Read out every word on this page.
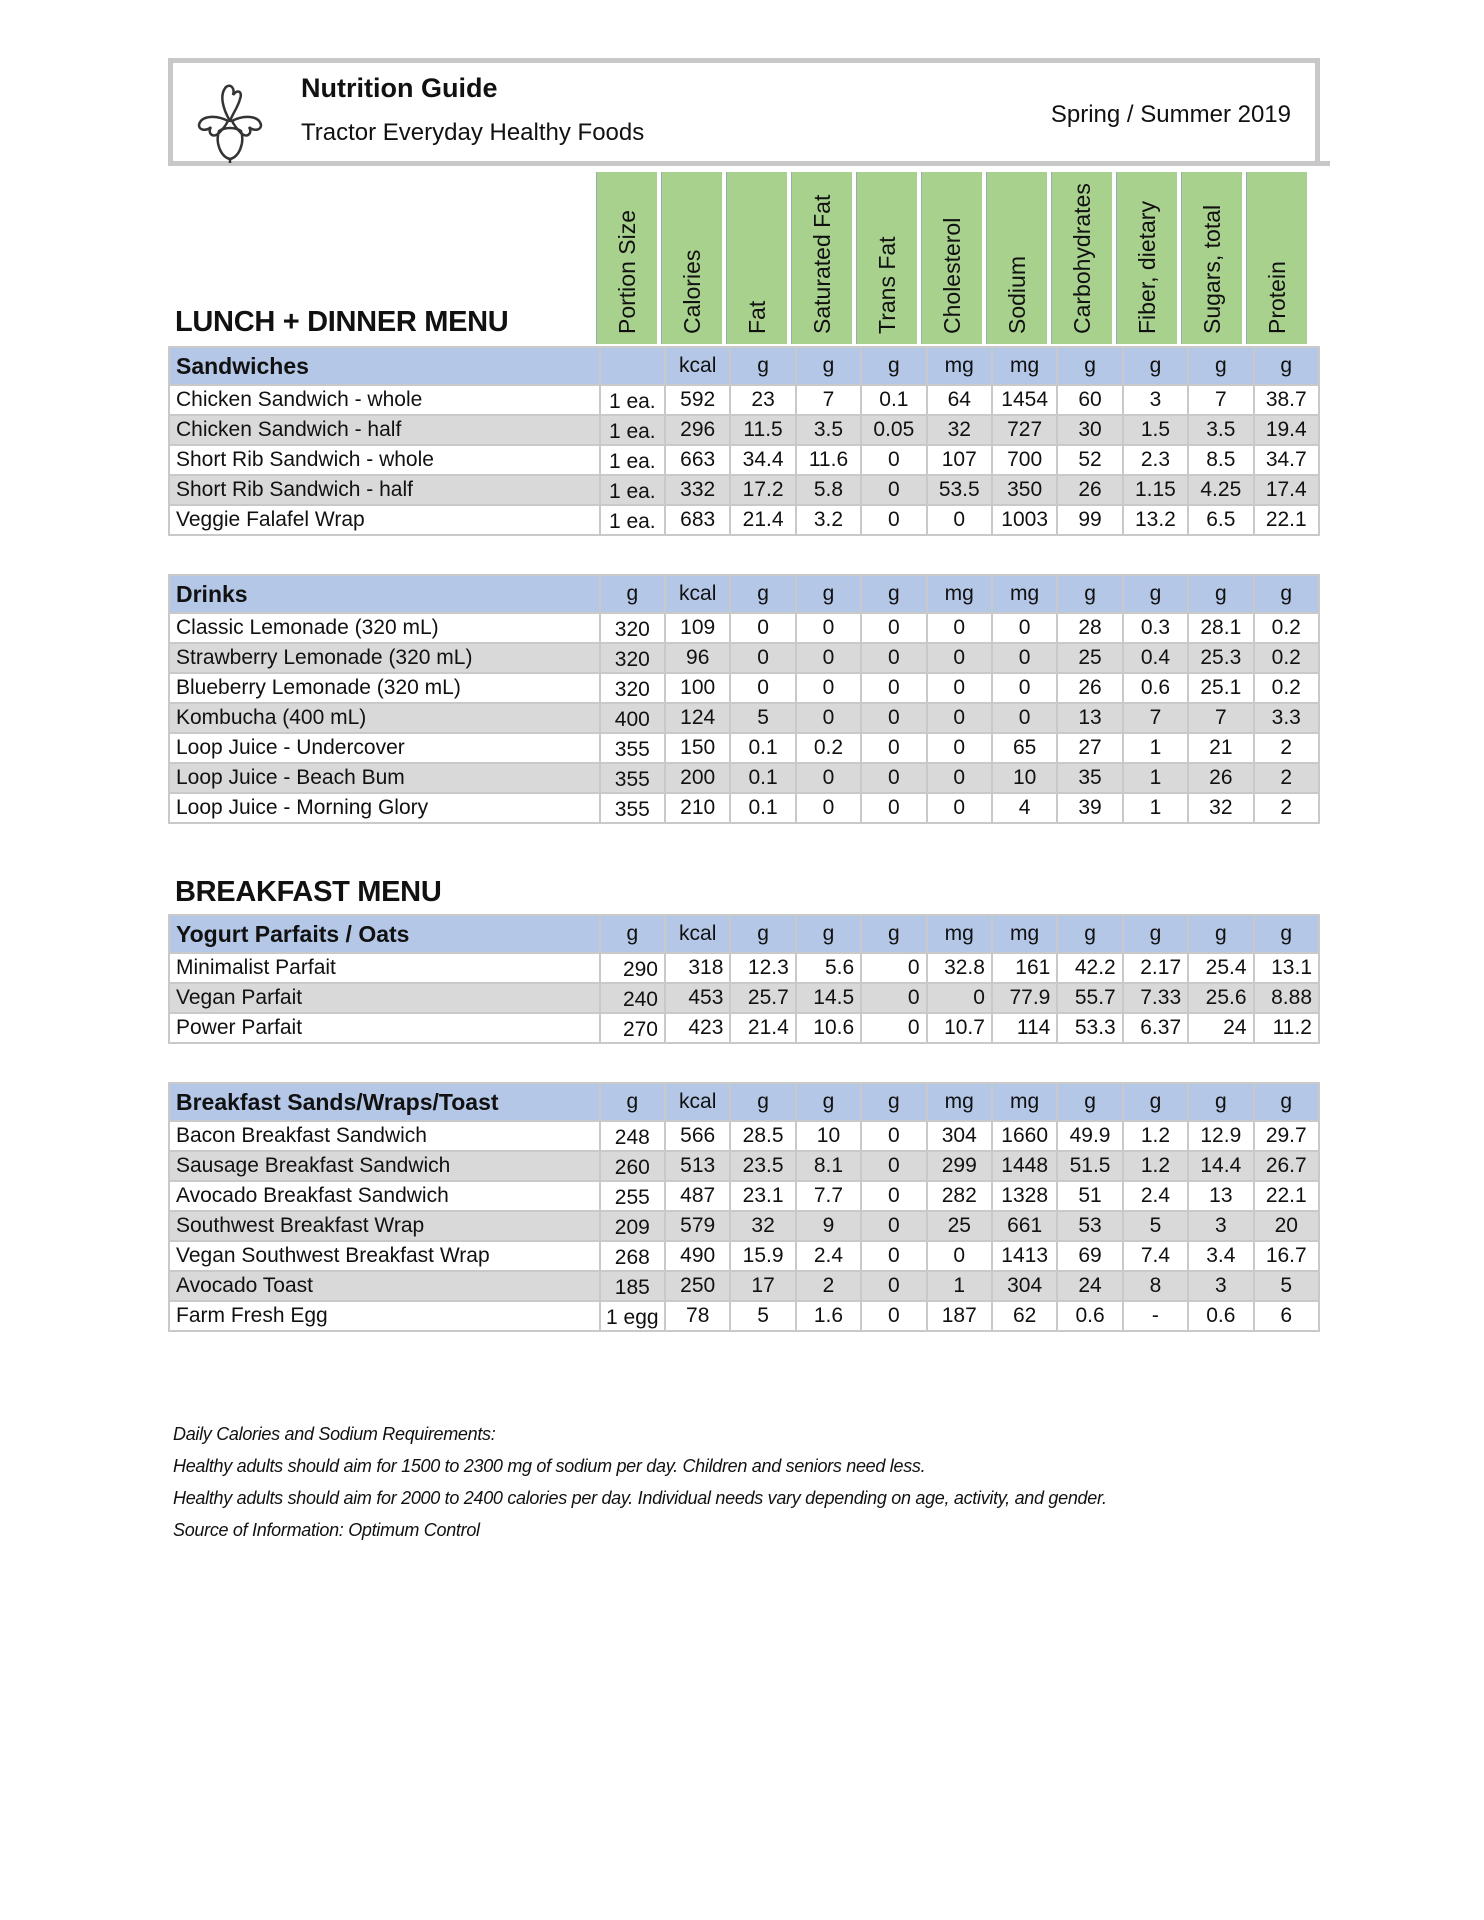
Nutrition Guide
Tractor Everyday Healthy Foods
Spring / Summer 2019
Portion Size Calories Fat Saturated Fat Trans Fat Cholesterol Sodium Carbohydrates Fiber, dietary Sugars, total Protein
LUNCH + DINNER MENU
Sandwiches		kcal	g	g	g	mg	mg	g	g	g	g
Chicken Sandwich - whole	1 ea.	592	23	7	0.1	64	1454	60	3	7	38.7
Chicken Sandwich - half	1 ea.	296	11.5	3.5	0.05	32	727	30	1.5	3.5	19.4
Short Rib Sandwich - whole	1 ea.	663	34.4	11.6	0	107	700	52	2.3	8.5	34.7
Short Rib Sandwich - half	1 ea.	332	17.2	5.8	0	53.5	350	26	1.15	4.25	17.4
Veggie Falafel Wrap	1 ea.	683	21.4	3.2	0	0	1003	99	13.2	6.5	22.1
Drinks	g	kcal	g	g	g	mg	mg	g	g	g	g
Classic Lemonade (320 mL)	320	109	0	0	0	0	0	28	0.3	28.1	0.2
Strawberry Lemonade (320 mL)	320	96	0	0	0	0	0	25	0.4	25.3	0.2
Blueberry Lemonade (320 mL)	320	100	0	0	0	0	0	26	0.6	25.1	0.2
Kombucha (400 mL)	400	124	5	0	0	0	0	13	7	7	3.3
Loop Juice - Undercover	355	150	0.1	0.2	0	0	65	27	1	21	2
Loop Juice - Beach Bum	355	200	0.1	0	0	0	10	35	1	26	2
Loop Juice - Morning Glory	355	210	0.1	0	0	0	4	39	1	32	2
BREAKFAST MENU
Yogurt Parfaits / Oats	g	kcal	g	g	g	mg	mg	g	g	g	g
Minimalist Parfait	290	318	12.3	5.6	0	32.8	161	42.2	2.17	25.4	13.1
Vegan Parfait	240	453	25.7	14.5	0	0	77.9	55.7	7.33	25.6	8.88
Power Parfait	270	423	21.4	10.6	0	10.7	114	53.3	6.37	24	11.2
Breakfast Sands/Wraps/Toast	g	kcal	g	g	g	mg	mg	g	g	g	g
Bacon Breakfast Sandwich	248	566	28.5	10	0	304	1660	49.9	1.2	12.9	29.7
Sausage Breakfast Sandwich	260	513	23.5	8.1	0	299	1448	51.5	1.2	14.4	26.7
Avocado Breakfast Sandwich	255	487	23.1	7.7	0	282	1328	51	2.4	13	22.1
Southwest Breakfast Wrap	209	579	32	9	0	25	661	53	5	3	20
Vegan Southwest Breakfast Wrap	268	490	15.9	2.4	0	0	1413	69	7.4	3.4	16.7
Avocado Toast	185	250	17	2	0	1	304	24	8	3	5
Farm Fresh Egg	1 egg	78	5	1.6	0	187	62	0.6	-	0.6	6
Daily Calories and Sodium Requirements:
Healthy adults should aim for 1500 to 2300 mg of sodium per day. Children and seniors need less.
Healthy adults should aim for 2000 to 2400 calories per day. Individual needs vary depending on age, activity, and gender.
Source of Information: Optimum Control
